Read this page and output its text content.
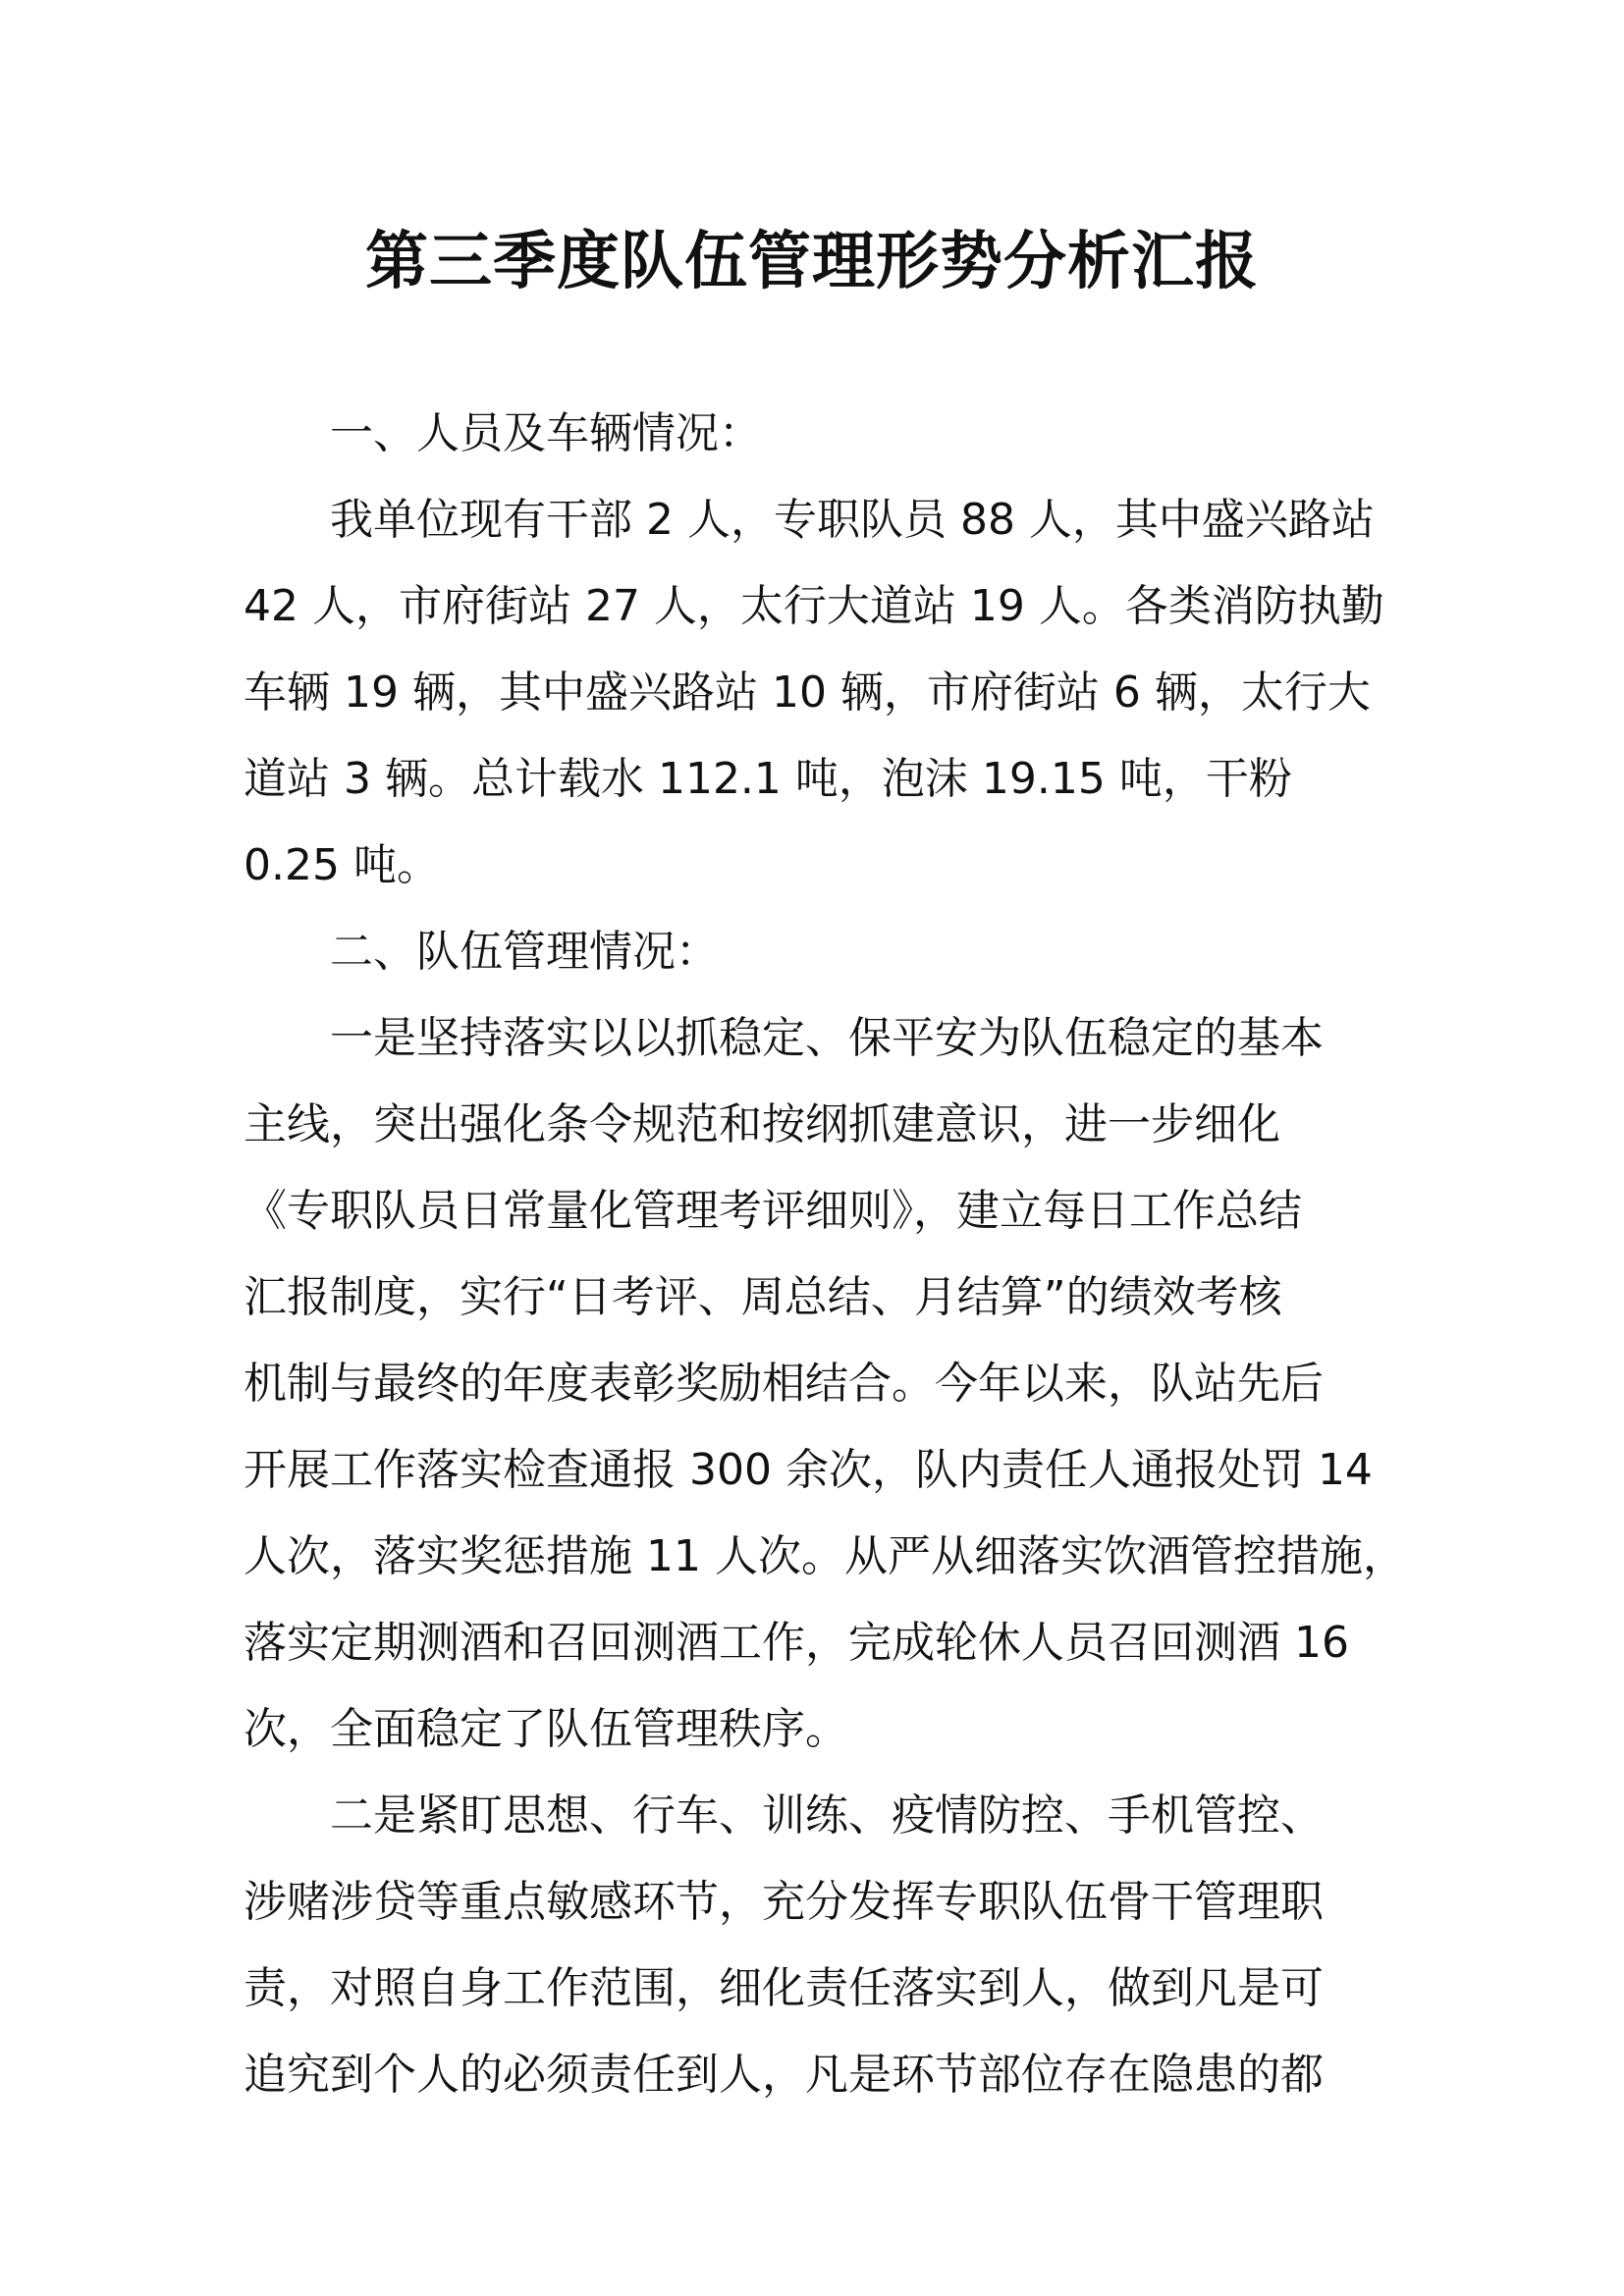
第三季度队伍管理形势分析汇报
一、人员及车辆情况：
我单位现有干部 2 人，专职队员 88 人，其中盛兴路站
42 人，市府街站 27 人，太行大道站 19 人。各类消防执勤
车辆 19 辆，其中盛兴路站 10 辆，市府街站 6 辆，太行大
道站 3 辆。总计载水 112.1 吨，泡沫 19.15 吨，干粉
0.25 吨。
二、队伍管理情况：
一是坚持落实以以抓稳定、保平安为队伍稳定的基本
主线，突出强化条令规范和按纲抓建意识，进一步细化
《专职队员日常量化管理考评细则》，建立每日工作总结
汇报制度，实行“日考评、周总结、月结算”的绩效考核
机制与最终的年度表彰奖励相结合。今年以来，队站先后
开展工作落实检查通报 300 余次，队内责任人通报处罚 14
人次，落实奖惩措施 11 人次。从严从细落实饮酒管控措施，
落实定期测酒和召回测酒工作，完成轮休人员召回测酒 16
次，全面稳定了队伍管理秩序。
二是紧盯思想、行车、训练、疫情防控、手机管控、
涉赌涉贷等重点敏感环节，充分发挥专职队伍骨干管理职
责，对照自身工作范围，细化责任落实到人，做到凡是可
追究到个人的必须责任到人，凡是环节部位存在隐患的都
